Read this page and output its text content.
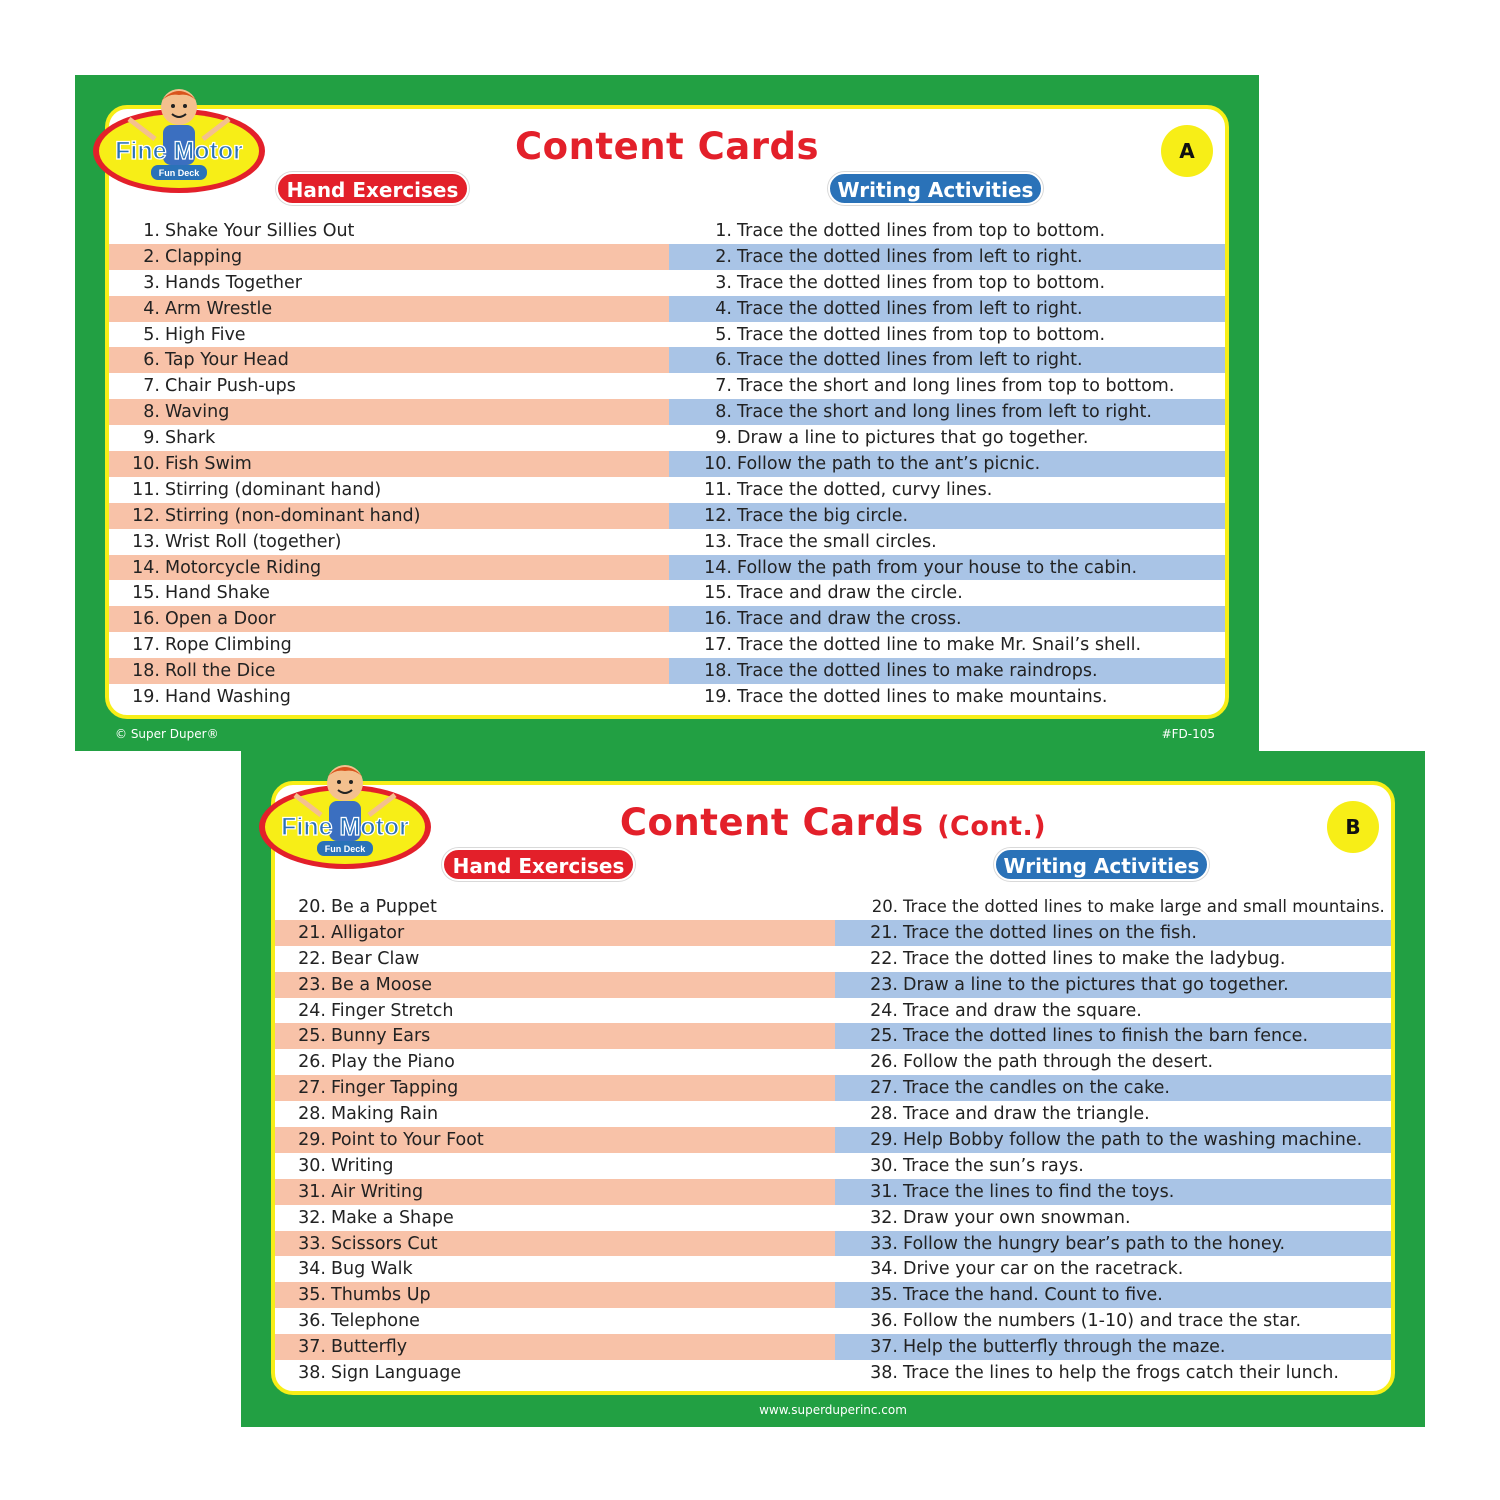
Fine Motor
Fun Deck
Content Cards	A
Hand Exercises	Writing Activities
1. Shake Your Sillies Out	1. Trace the dotted lines from top to bottom.
2. Clapping	2. Trace the dotted lines from left to right.
3. Hands Together	3. Trace the dotted lines from top to bottom.
4. Arm Wrestle	4. Trace the dotted lines from left to right.
5. High Five	5. Trace the dotted lines from top to bottom.
6. Tap Your Head	6. Trace the dotted lines from left to right.
7. Chair Push-ups	7. Trace the short and long lines from top to bottom.
8. Waving	8. Trace the short and long lines from left to right.
9. Shark	9. Draw a line to pictures that go together.
10. Fish Swim	10. Follow the path to the ant’s picnic.
11. Stirring (dominant hand)	11. Trace the dotted, curvy lines.
12. Stirring (non-dominant hand)	12. Trace the big circle.
13. Wrist Roll (together)	13. Trace the small circles.
14. Motorcycle Riding	14. Follow the path from your house to the cabin.
15. Hand Shake	15. Trace and draw the circle.
16. Open a Door	16. Trace and draw the cross.
17. Rope Climbing	17. Trace the dotted line to make Mr. Snail’s shell.
18. Roll the Dice	18. Trace the dotted lines to make raindrops.
19. Hand Washing	19. Trace the dotted lines to make mountains.
© Super Duper®	#FD-105
Fine Motor
Fun Deck
Content Cards (Cont.)	B
Hand Exercises	Writing Activities
20. Be a Puppet	20. Trace the dotted lines to make large and small mountains.
21. Alligator	21. Trace the dotted lines on the fish.
22. Bear Claw	22. Trace the dotted lines to make the ladybug.
23. Be a Moose	23. Draw a line to the pictures that go together.
24. Finger Stretch	24. Trace and draw the square.
25. Bunny Ears	25. Trace the dotted lines to finish the barn fence.
26. Play the Piano	26. Follow the path through the desert.
27. Finger Tapping	27. Trace the candles on the cake.
28. Making Rain	28. Trace and draw the triangle.
29. Point to Your Foot	29. Help Bobby follow the path to the washing machine.
30. Writing	30. Trace the sun’s rays.
31. Air Writing	31. Trace the lines to find the toys.
32. Make a Shape	32. Draw your own snowman.
33. Scissors Cut	33. Follow the hungry bear’s path to the honey.
34. Bug Walk	34. Drive your car on the racetrack.
35. Thumbs Up	35. Trace the hand. Count to five.
36. Telephone	36. Follow the numbers (1-10) and trace the star.
37. Butterfly	37. Help the butterfly through the maze.
38. Sign Language	38. Trace the lines to help the frogs catch their lunch.
www.superduperinc.com
